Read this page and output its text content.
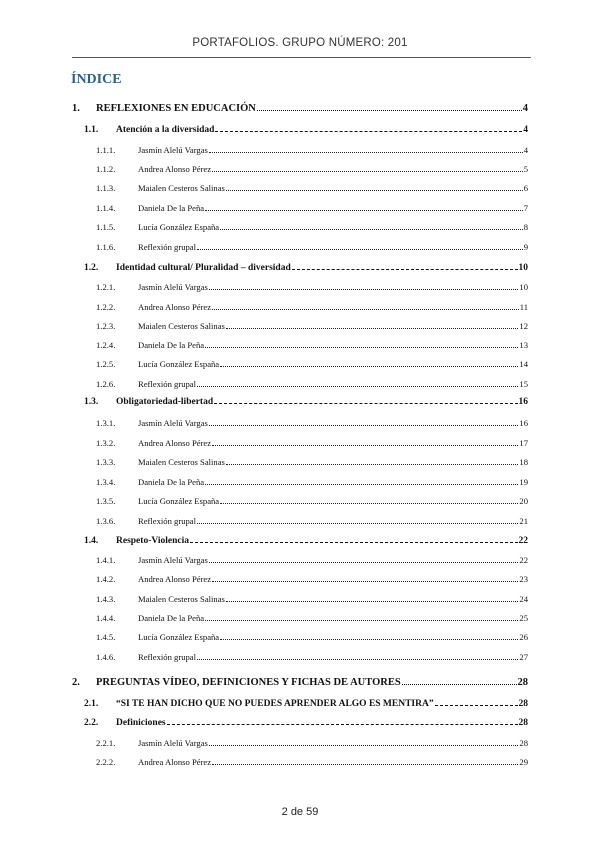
PORTAFOLIOS. GRUPO NÚMERO: 201
ÍNDICE
1. REFLEXIONES EN EDUCACIÓN	4
1.1. Atención a la diversidad	4
1.1.1.	Jasmín Alelú Vargas	4
1.1.2.	Andrea Alonso Pérez	5
1.1.3.	Maialen Cesteros Salinas	6
1.1.4.	Daniela De la Peña	7
1.1.5.	Lucía González España	8
1.1.6.	Reflexión grupal	9
1.2. Identidad cultural/ Pluralidad – diversidad	10
1.2.1.	Jasmín Alelú Vargas	10
1.2.2.	Andrea Alonso Pérez	11
1.2.3.	Maialen Cesteros Salinas	12
1.2.4.	Daniela De la Peña	13
1.2.5.	Lucía González España	14
1.2.6.	Reflexión grupal	15
1.3. Obligatoriedad-libertad	16
1.3.1.	Jasmín Alelú Vargas	16
1.3.2.	Andrea Alonso Pérez	17
1.3.3.	Maialen Cesteros Salinas	18
1.3.4.	Daniela De la Peña	19
1.3.5.	Lucía González España	20
1.3.6.	Reflexión grupal	21
1.4. Respeto-Violencia	22
1.4.1.	Jasmín Alelú Vargas	22
1.4.2.	Andrea Alonso Pérez	23
1.4.3.	Maialen Cesteros Salinas	24
1.4.4.	Daniela De la Peña	25
1.4.5.	Lucía González España	26
1.4.6.	Reflexión grupal	27
2. PREGUNTAS VÍDEO, DEFINICIONES Y FICHAS DE AUTORES	28
2.1. “SI TE HAN DICHO QUE NO PUEDES APRENDER ALGO ES MENTIRA”	28
2.2. Definiciones	28
2.2.1.	Jasmín Alelú Vargas	28
2.2.2.	Andrea Alonso Pérez	29
2 de 59
